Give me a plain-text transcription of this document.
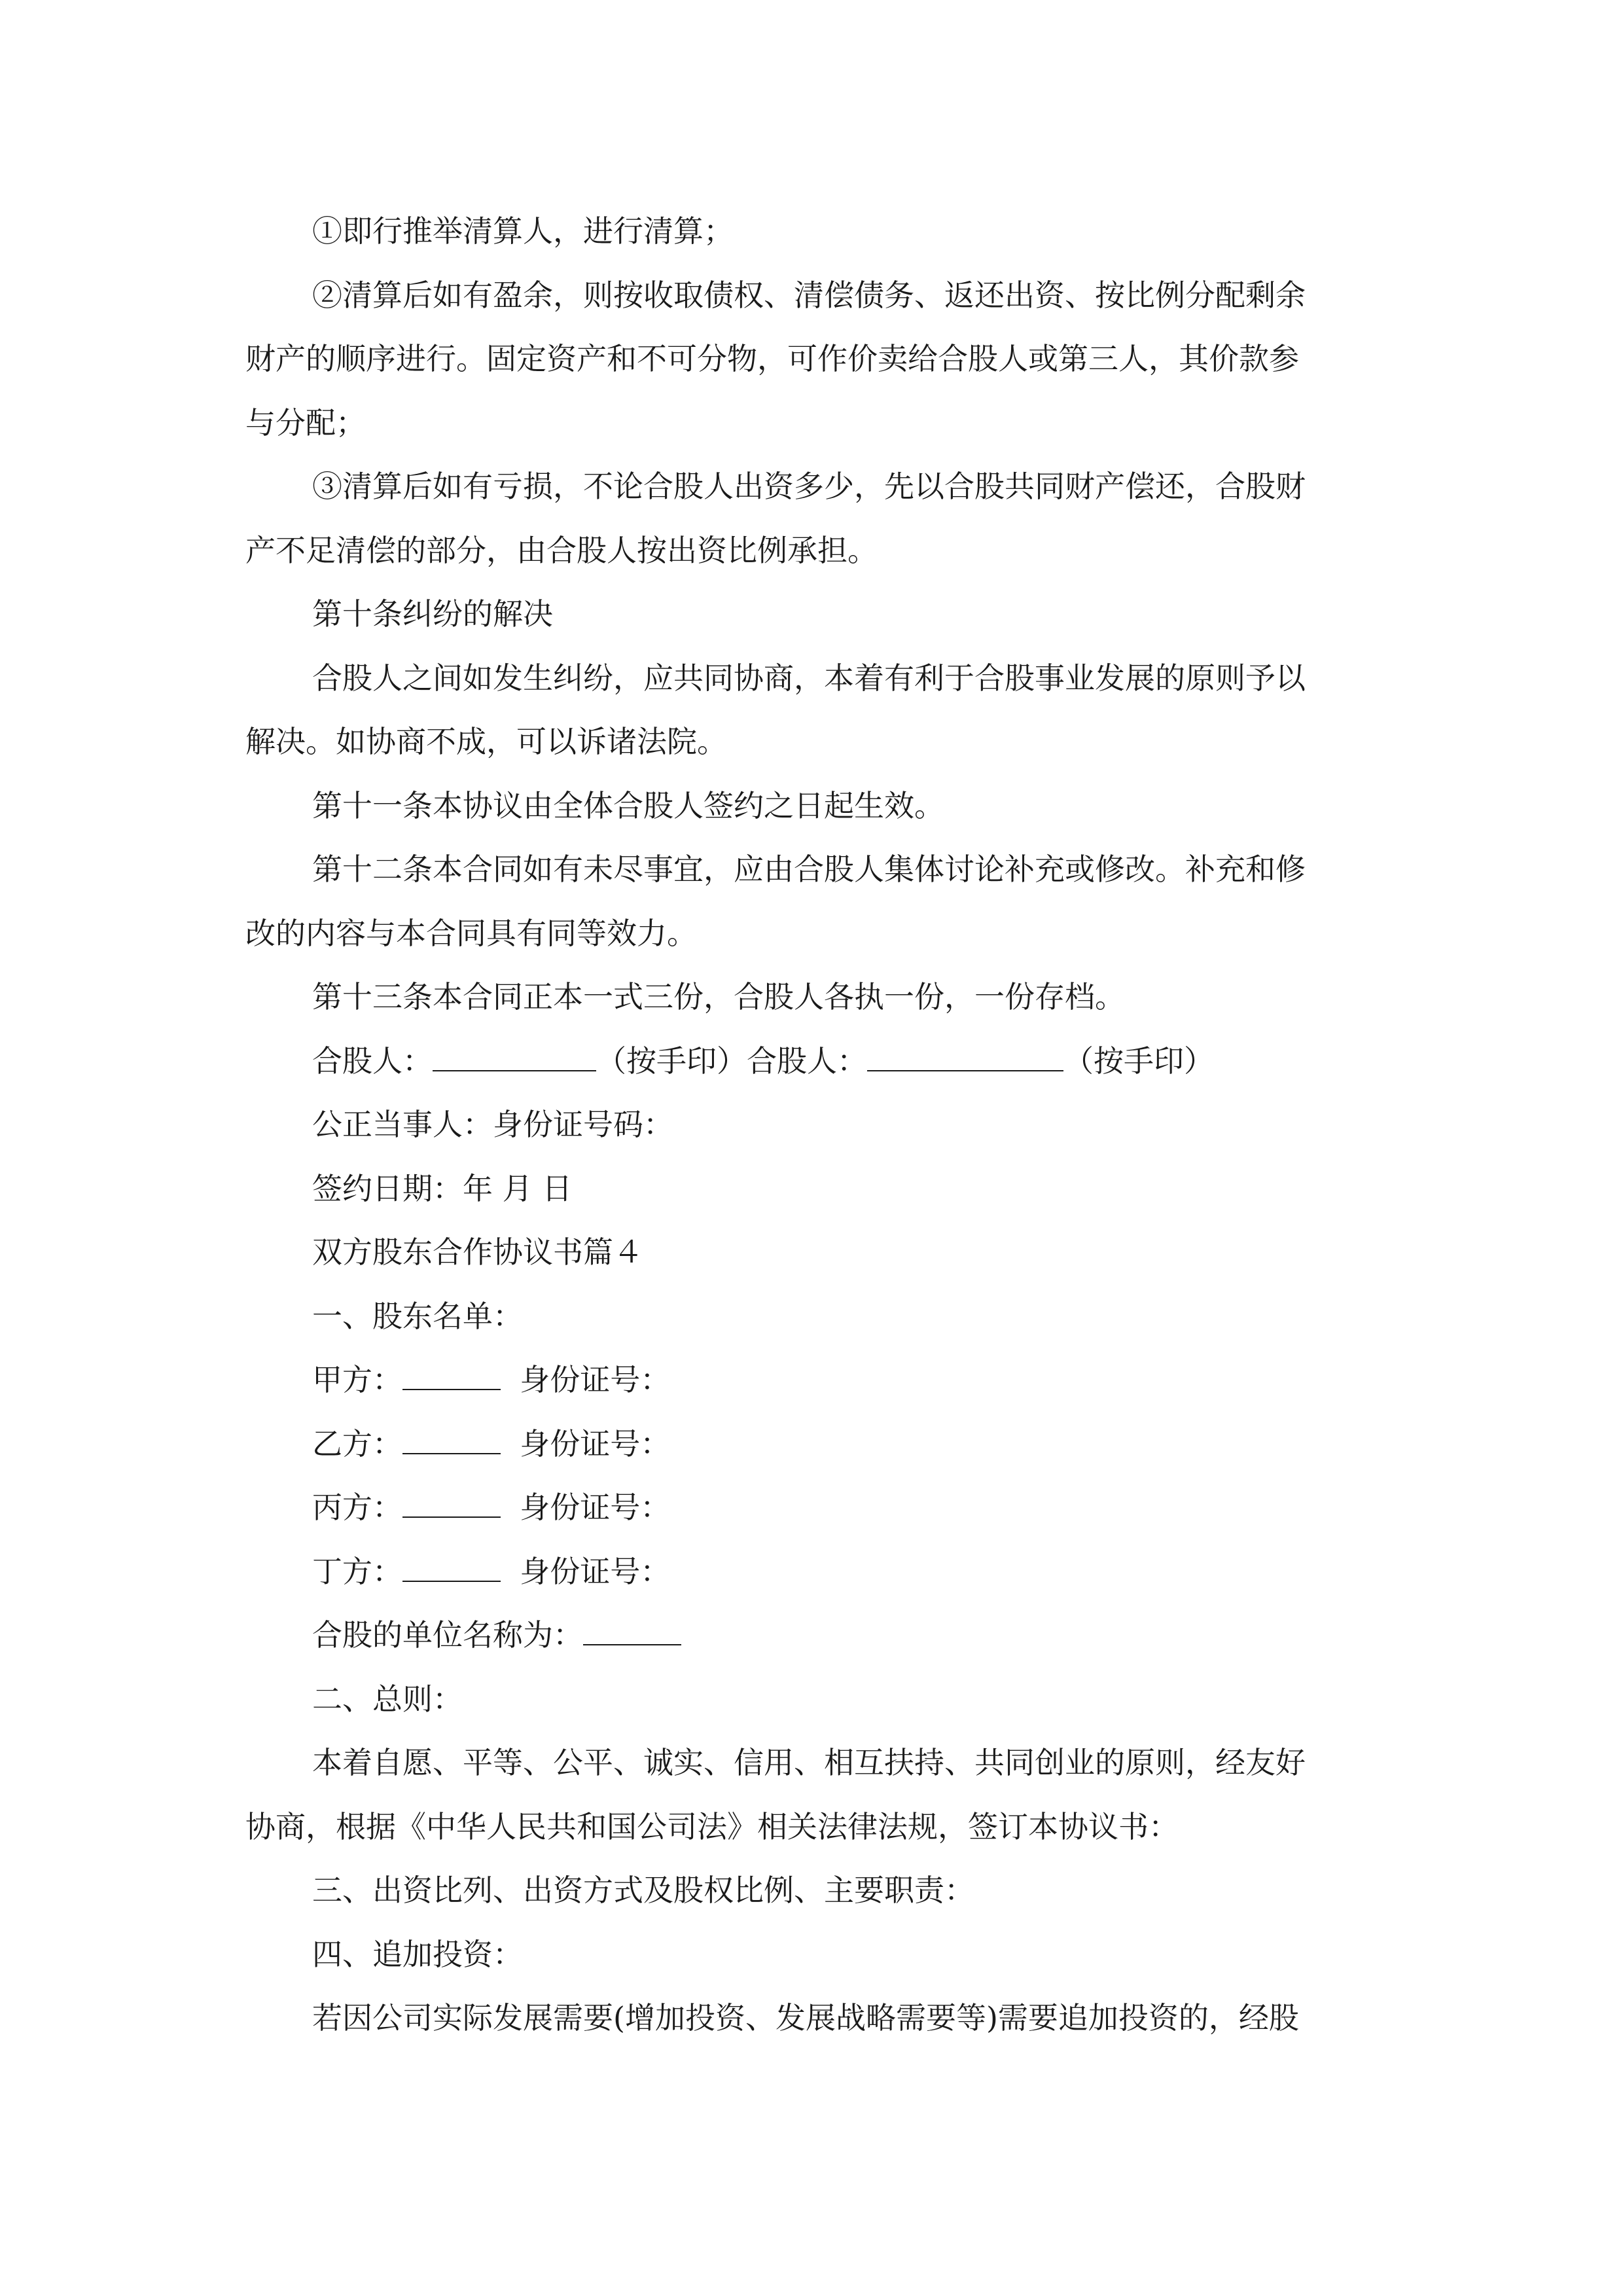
①即行推举清算人，进行清算；
②清算后如有盈余，则按收取债权、清偿债务、返还出资、按比例分配剩余
财产的顺序进行。固定资产和不可分物，可作价卖给合股人或第三人，其价款参
与分配；
③清算后如有亏损，不论合股人出资多少，先以合股共同财产偿还，合股财
产不足清偿的部分，由合股人按出资比例承担。
第十条纠纷的解决
合股人之间如发生纠纷，应共同协商，本着有利于合股事业发展的原则予以
解决。如协商不成，可以诉诸法院。
第十一条本协议由全体合股人签约之日起生效。
第十二条本合同如有未尽事宜，应由合股人集体讨论补充或修改。补充和修
改的内容与本合同具有同等效力。
第十三条本合同正本一式三份，合股人各执一份，一份存档。
合股人：	（按手印）合股人：	（按手印）
公正当事人：身份证号码：
签约日期：年 月 日
双方股东合作协议书篇４
一、股东名单：
甲方：	身份证号：
乙方：	身份证号：
丙方：	身份证号：
丁方：	身份证号：
合股的单位名称为：
二、总则：
本着自愿、平等、公平、诚实、信用、相互扶持、共同创业的原则，经友好
协商，根据《中华人民共和国公司法》相关法律法规，签订本协议书：
三、出资比列、出资方式及股权比例、主要职责：
四、追加投资：
若因公司实际发展需要(增加投资、发展战略需要等)需要追加投资的，经股
